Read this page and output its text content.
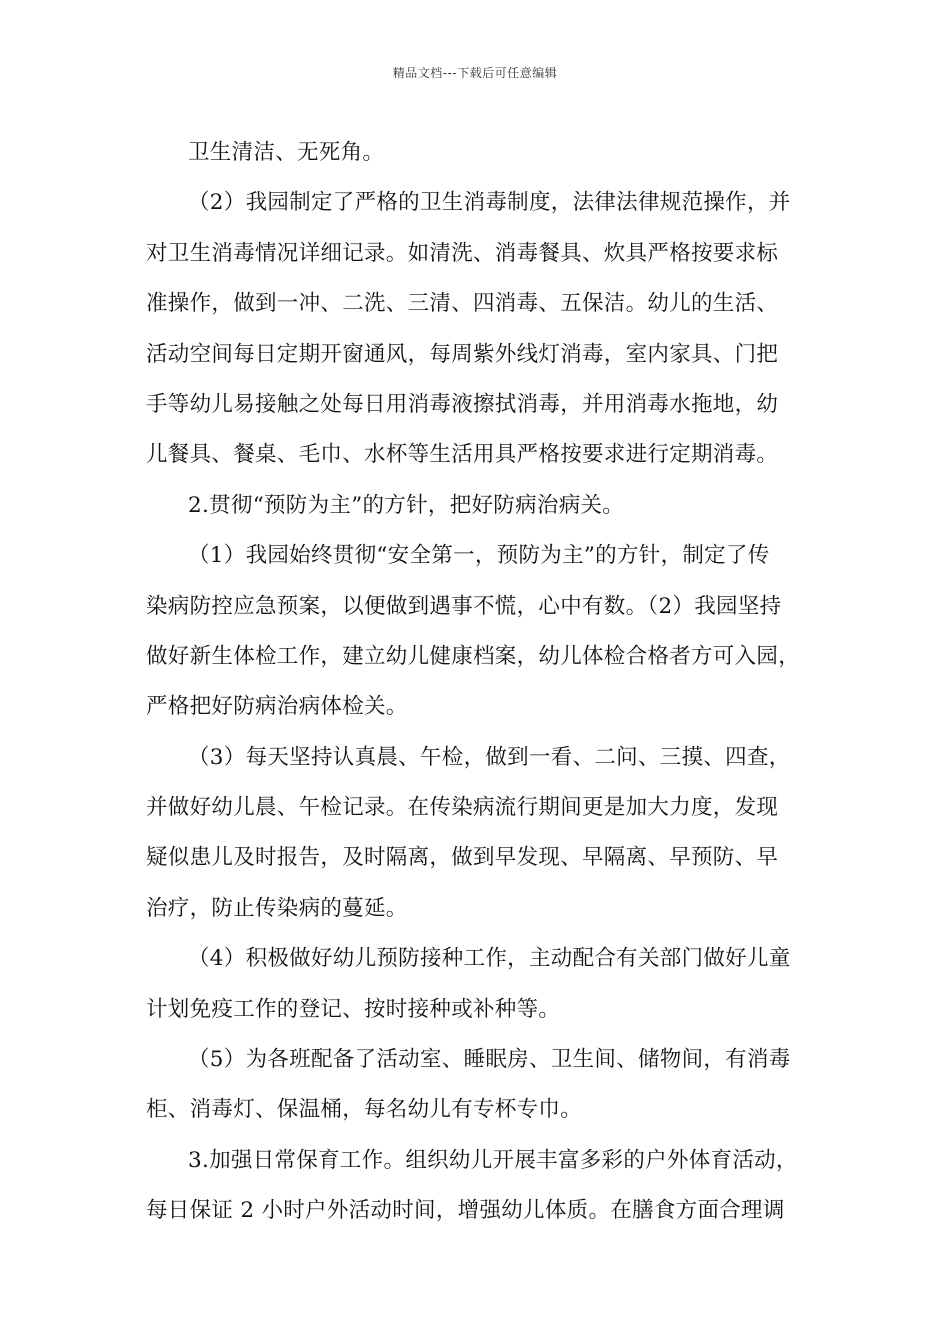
精品文档---下载后可任意编辑
卫生清洁、无死角。
（2）我园制定了严格的卫生消毒制度，法律法律规范操作，并
对卫生消毒情况详细记录。如清洗、消毒餐具、炊具严格按要求标
准操作，做到一冲、二洗、三清、四消毒、五保洁。幼儿的生活、
活动空间每日定期开窗通风，每周紫外线灯消毒，室内家具、门把
手等幼儿易接触之处每日用消毒液擦拭消毒，并用消毒水拖地，幼
儿餐具、餐桌、毛巾、水杯等生活用具严格按要求进行定期消毒。
2.贯彻“预防为主”的方针，把好防病治病关。
（1）我园始终贯彻“安全第一，预防为主”的方针，制定了传
染病防控应急预案，以便做到遇事不慌，心中有数。（2）我园坚持
做好新生体检工作，建立幼儿健康档案，幼儿体检合格者方可入园，
严格把好防病治病体检关。
（3）每天坚持认真晨、午检，做到一看、二问、三摸、四查，
并做好幼儿晨、午检记录。在传染病流行期间更是加大力度，发现
疑似患儿及时报告，及时隔离，做到早发现、早隔离、早预防、早
治疗，防止传染病的蔓延。
（4）积极做好幼儿预防接种工作，主动配合有关部门做好儿童
计划免疫工作的登记、按时接种或补种等。
（5）为各班配备了活动室、睡眠房、卫生间、储物间，有消毒
柜、消毒灯、保温桶，每名幼儿有专杯专巾。
3.加强日常保育工作。组织幼儿开展丰富多彩的户外体育活动，
每日保证 2 小时户外活动时间，增强幼儿体质。在膳食方面合理调
